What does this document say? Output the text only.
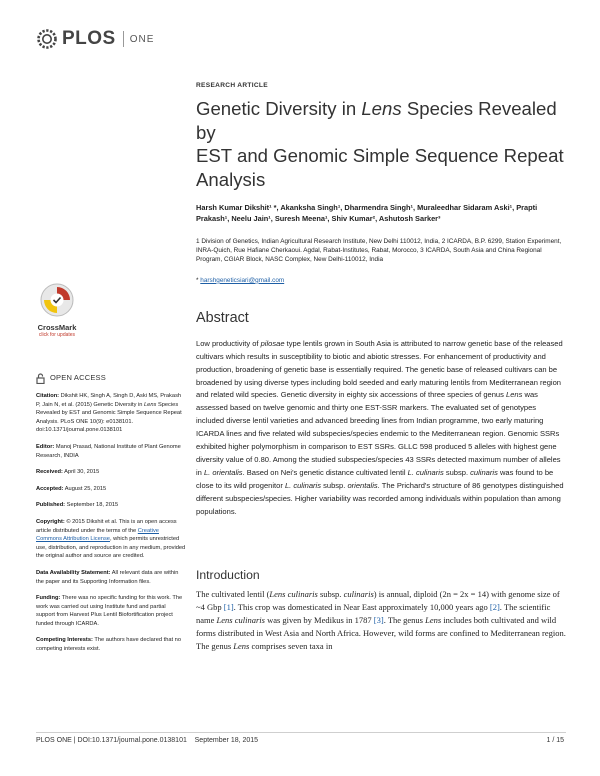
PLOS ONE
RESEARCH ARTICLE
Genetic Diversity in Lens Species Revealed by
EST and Genomic Simple Sequence Repeat
Analysis
Harsh Kumar Dikshit¹ *, Akanksha Singh¹, Dharmendra Singh¹, Muraleedhar Sidaram Aski¹, Prapti Prakash¹, Neelu Jain¹, Suresh Meena¹, Shiv Kumar², Ashutosh Sarker³
1 Division of Genetics, Indian Agricultural Research Institute, New Delhi 110012, India, 2 ICARDA, B.P. 6299, Station Experiment, INRA-Quich, Rue Hafiane Cherkaoui. Agdal, Rabat-Institutes, Rabat, Morocco, 3 ICARDA, South Asia and China Regional Program, CGIAR Block, NASC Complex, New Delhi-110012, India
* harshgeneticsiari@gmail.com
Abstract
Low productivity of pilosae type lentils grown in South Asia is attributed to narrow genetic base of the released cultivars which results in susceptibility to biotic and abiotic stresses. For enhancement of productivity and production, broadening of genetic base is essentially required. The genetic base of released cultivars can be broadened by using diverse types including bold seeded and early maturing lentils from Mediterranean region and related wild species. Genetic diversity in eighty six accessions of three species of genus Lens was assessed based on twelve genomic and thirty one EST-SSR markers. The evaluated set of genotypes included diverse lentil varieties and advanced breeding lines from Indian programme, two early maturing ICARDA lines and five related wild subspecies/species endemic to the Mediterranean region. Genomic SSRs exhibited higher polymorphism in comparison to EST SSRs. GLLC 598 produced 5 alleles with highest gene diversity value of 0.80. Among the studied subspecies/species 43 SSRs detected maximum number of alleles in L. orientalis. Based on Nei's genetic distance cultivated lentil L. culinaris subsp. culinaris was found to be close to its wild progenitor L. culinaris subsp. orientalis. The Prichard's structure of 86 genotypes distinguished different subspecies/species. Higher variability was recorded among individuals within population than among populations.
Introduction
The cultivated lentil (Lens culinaris subsp. culinaris) is annual, diploid (2n = 2x = 14) with genome size of ~4 Gbp [1]. This crop was domesticated in Near East approximately 10,000 years ago [2]. The scientific name Lens culinaris was given by Medikus in 1787 [3]. The genus Lens includes both cultivated and wild forms distributed in West Asia and North Africa. However, wild forms are confined to Mediterranean region. The genus Lens comprises seven taxa in
CrossMark
click for updates
OPEN ACCESS

Citation: Dikshit HK, Singh A, Singh D, Aski MS, Prakash P, Jain N, et al. (2015) Genetic Diversity in Lens Species Revealed by EST and Genomic Simple Sequence Repeat Analysis. PLoS ONE 10(9): e0138101. doi:10.1371/journal.pone.0138101

Editor: Manoj Prasad, National Institute of Plant Genome Research, INDIA

Received: April 30, 2015

Accepted: August 25, 2015

Published: September 18, 2015

Copyright: © 2015 Dikshit et al. This is an open access article distributed under the terms of the Creative Commons Attribution License, which permits unrestricted use, distribution, and reproduction in any medium, provided the original author and source are credited.

Data Availability Statement: All relevant data are within the paper and its Supporting Information files.

Funding: There was no specific funding for this work. The work was carried out using Institute fund and partial support from Harvest Plus Lentil Biofortification project funded through ICARDA.

Competing Interests: The authors have declared that no competing interests exist.

PLOS ONE | DOI:10.1371/journal.pone.0138101    September 18, 2015	1 / 15
